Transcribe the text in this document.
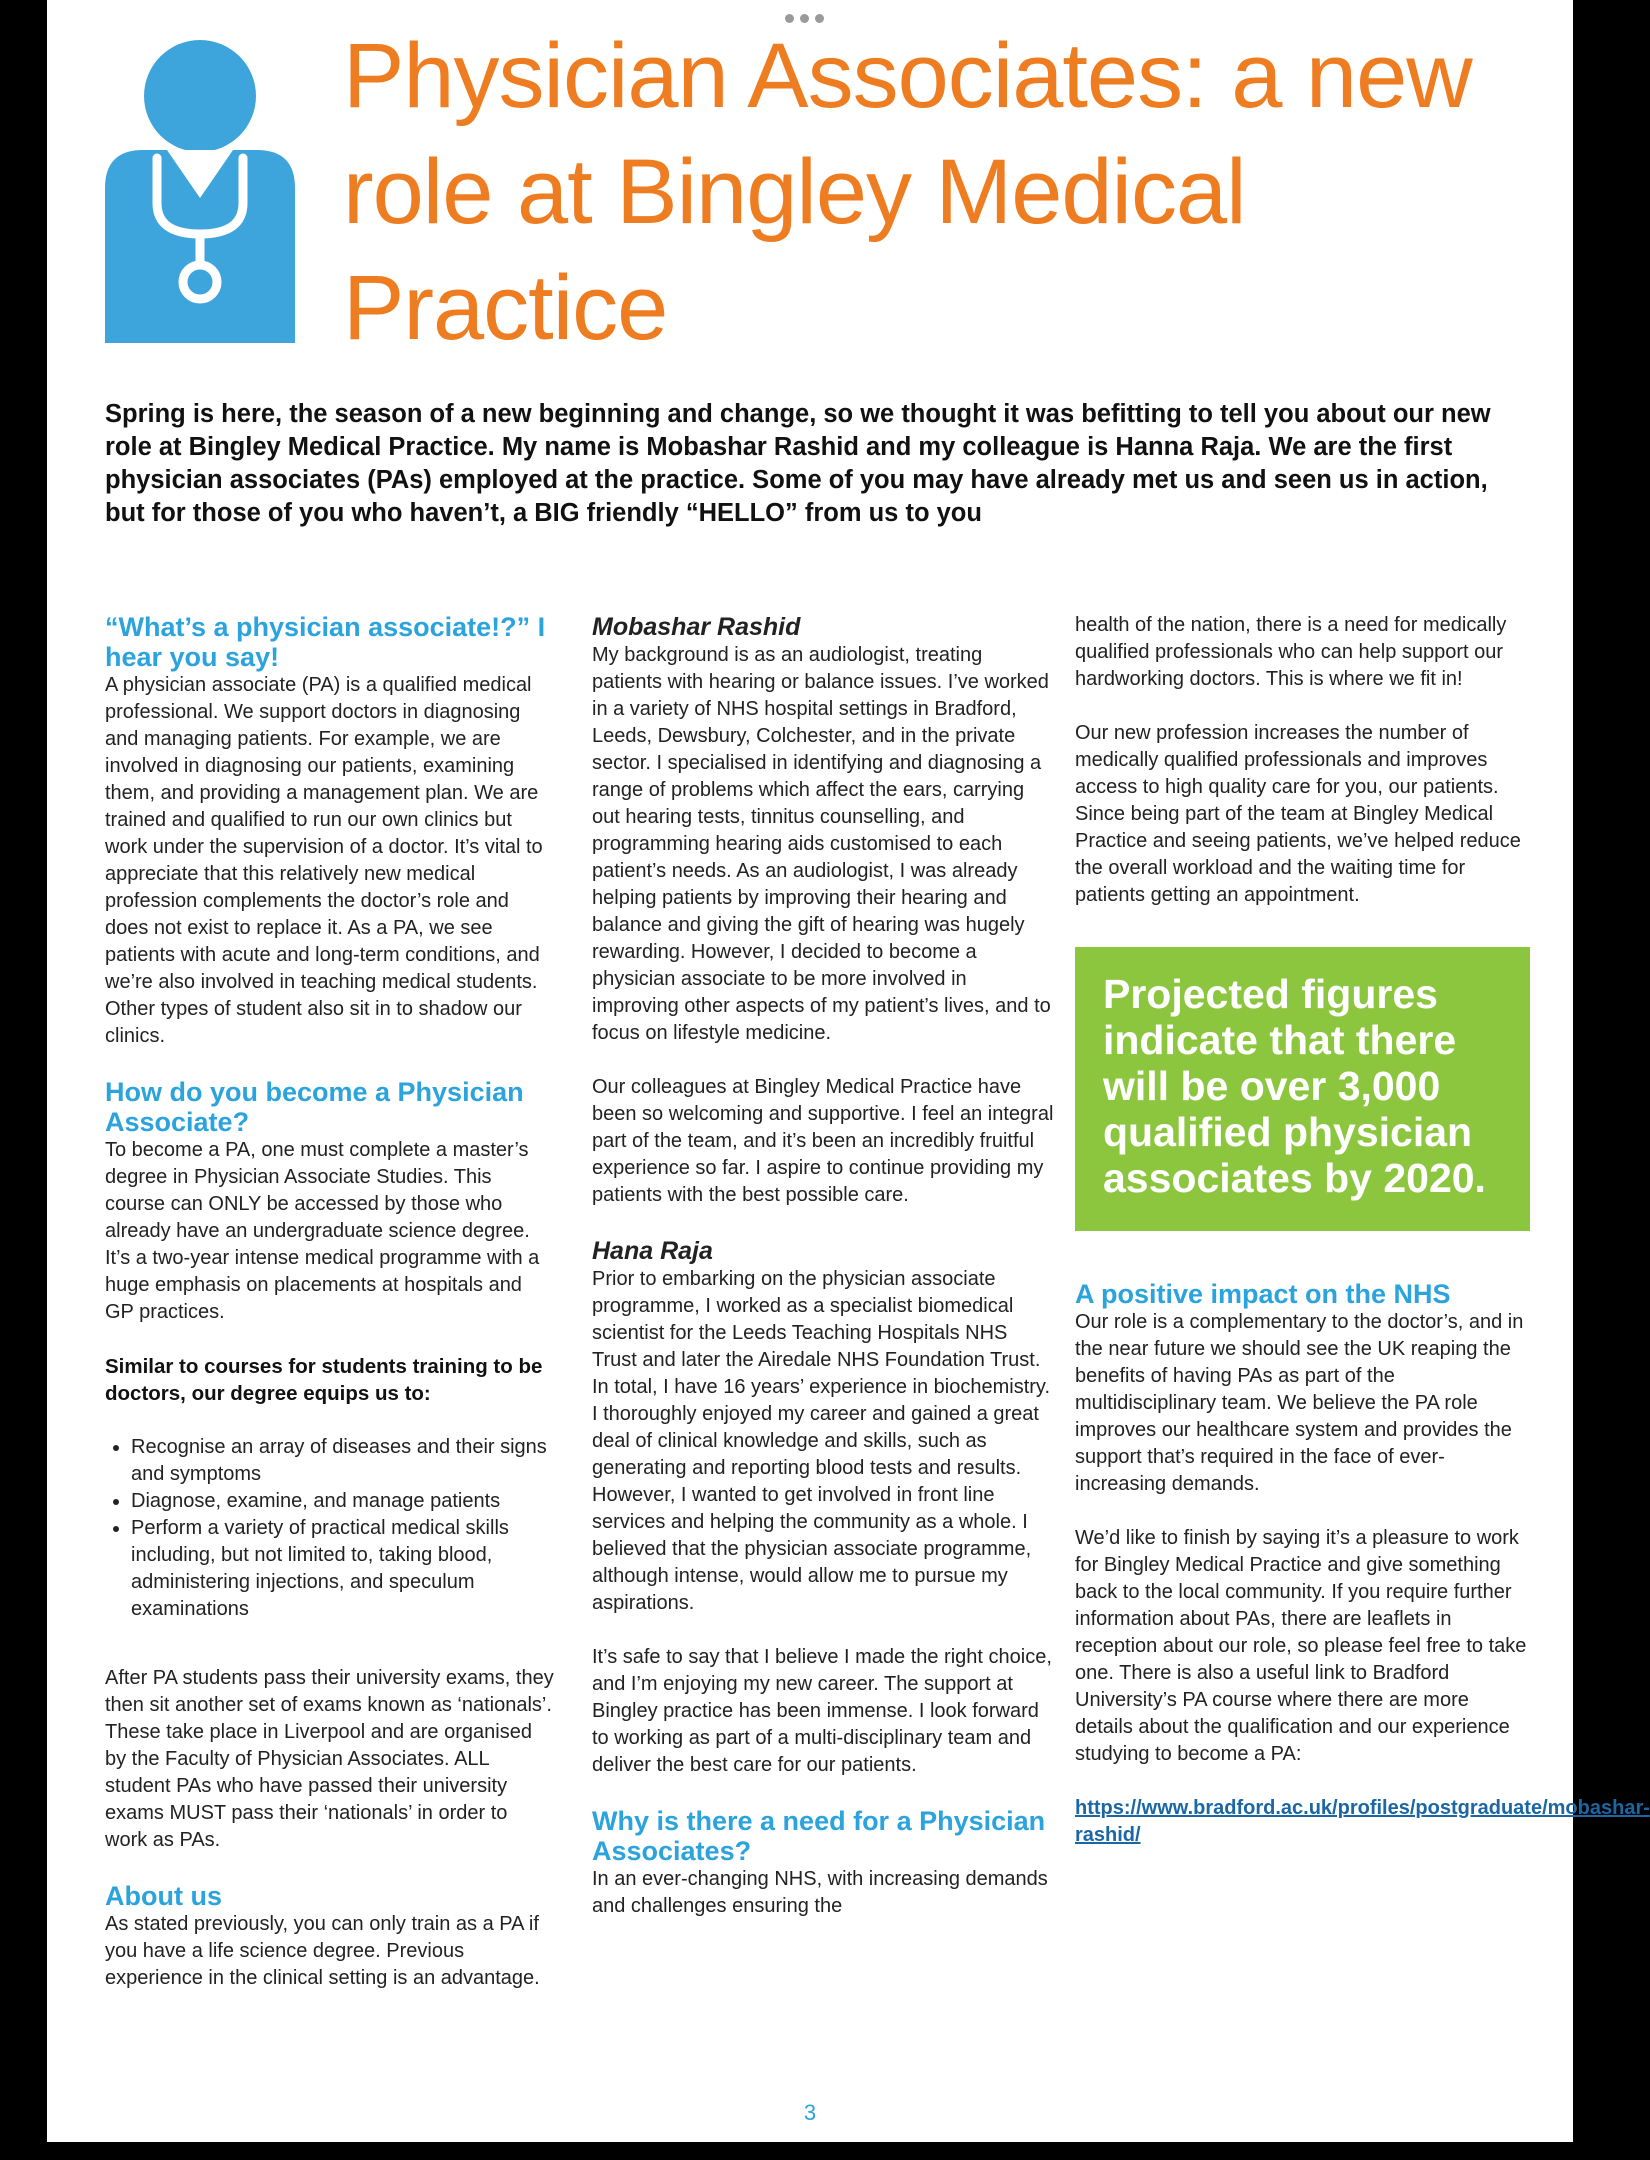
Physician Associates: a new role at Bingley Medical Practice

Spring is here, the season of a new beginning and change, so we thought it was befitting to tell you about our new role at Bingley Medical Practice. My name is Mobashar Rashid and my colleague is Hanna Raja. We are the first physician associates (PAs) employed at the practice. Some of you may have already met us and seen us in action, but for those of you who haven’t, a BIG friendly “HELLO” from us to you

“What’s a physician associate!?” I hear you say!

A physician associate (PA) is a qualified medical professional. We support doctors in diagnosing and managing patients. For example, we are involved in diagnosing our patients, examining them, and providing a management plan. We are trained and qualified to run our own clinics but work under the supervision of a doctor. It’s vital to appreciate that this relatively new medical profession complements the doctor’s role and does not exist to replace it. As a PA, we see patients with acute and long-term conditions, and we’re also involved in teaching medical students. Other types of student also sit in to shadow our clinics.

How do you become a Physician Associate?

To become a PA, one must complete a master’s degree in Physician Associate Studies. This course can ONLY be accessed by those who already have an undergraduate science degree. It’s a two-year intense medical programme with a huge emphasis on placements at hospitals and GP practices.

Similar to courses for students training to be doctors, our degree equips us to:

• Recognise an array of diseases and their signs and symptoms
• Diagnose, examine, and manage patients
• Perform a variety of practical medical skills including, but not limited to, taking blood, administering injections, and speculum examinations

After PA students pass their university exams, they then sit another set of exams known as ‘nationals’. These take place in Liverpool and are organised by the Faculty of Physician Associates. ALL student PAs who have passed their university exams MUST pass their ‘nationals’ in order to work as PAs.

About us

As stated previously, you can only train as a PA if you have a life science degree. Previous experience in the clinical setting is an advantage.

Mobashar Rashid

My background is as an audiologist, treating patients with hearing or balance issues. I’ve worked in a variety of NHS hospital settings in Bradford, Leeds, Dewsbury, Colchester, and in the private sector. I specialised in identifying and diagnosing a range of problems which affect the ears, carrying out hearing tests, tinnitus counselling, and programming hearing aids customised to each patient’s needs. As an audiologist, I was already helping patients by improving their hearing and balance and giving the gift of hearing was hugely rewarding. However, I decided to become a physician associate to be more involved in improving other aspects of my patient’s lives, and to focus on lifestyle medicine.

Our colleagues at Bingley Medical Practice have been so welcoming and supportive. I feel an integral part of the team, and it’s been an incredibly fruitful experience so far. I aspire to continue providing my patients with the best possible care.

Hana Raja

Prior to embarking on the physician associate programme, I worked as a specialist biomedical scientist for the Leeds Teaching Hospitals NHS Trust and later the Airedale NHS Foundation Trust. In total, I have 16 years’ experience in biochemistry. I thoroughly enjoyed my career and gained a great deal of clinical knowledge and skills, such as generating and reporting blood tests and results. However, I wanted to get involved in front line services and helping the community as a whole. I believed that the physician associate programme, although intense, would allow me to pursue my aspirations.

It’s safe to say that I believe I made the right choice, and I’m enjoying my new career. The support at Bingley practice has been immense. I look forward to working as part of a multi-disciplinary team and deliver the best care for our patients.

Why is there a need for a Physician Associates?

In an ever-changing NHS, with increasing demands and challenges ensuring the

health of the nation, there is a need for medically qualified professionals who can help support our hardworking doctors. This is where we fit in!

Our new profession increases the number of medically qualified professionals and improves access to high quality care for you, our patients. Since being part of the team at Bingley Medical Practice and seeing patients, we’ve helped reduce the overall workload and the waiting time for patients getting an appointment.

Projected figures indicate that there will be over 3,000 qualified physician associates by 2020.
A positive impact on the NHS

Our role is a complementary to the doctor’s, and in the near future we should see the UK reaping the benefits of having PAs as part of the multidisciplinary team. We believe the PA role improves our healthcare system and provides the support that’s required in the face of ever-increasing demands.

We’d like to finish by saying it’s a pleasure to work for Bingley Medical Practice and give something back to the local community. If you require further information about PAs, there are leaflets in reception about our role, so please feel free to take one. There is also a useful link to Bradford University’s PA course where there are more details about the qualification and our experience studying to become a PA:

https://www.bradford.ac.uk/profiles/postgraduate/mobashar-rashid/
3
